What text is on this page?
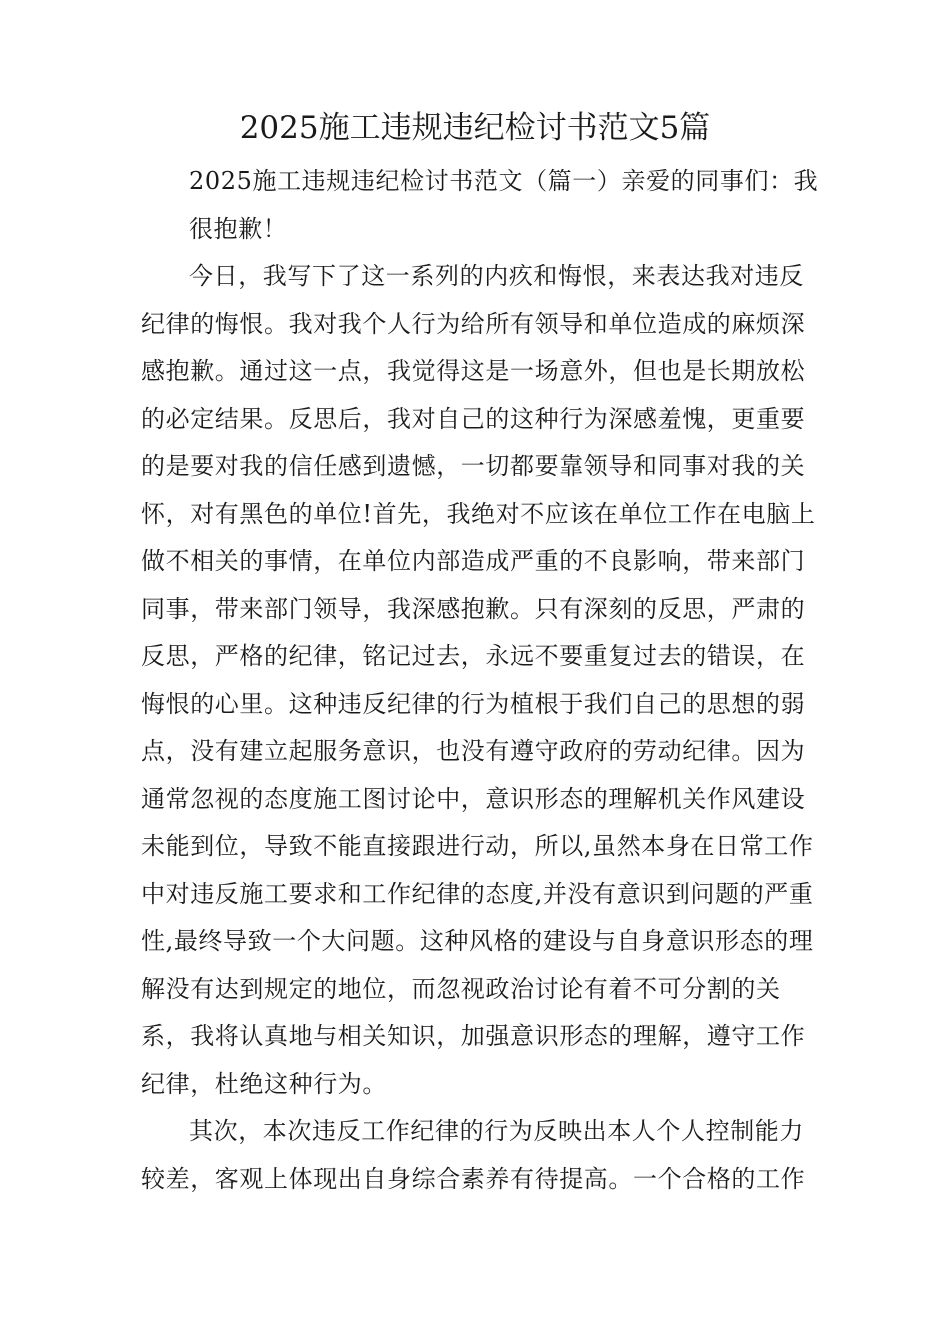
2025施工违规违纪检讨书范文5篇
2025施工违规违纪检讨书范文（篇一）亲爱的同事们：我
很抱歉！
今日，我写下了这一系列的内疚和悔恨，来表达我对违反
纪律的悔恨。我对我个人行为给所有领导和单位造成的麻烦深
感抱歉。通过这一点，我觉得这是一场意外，但也是长期放松
的必定结果。反思后，我对自己的这种行为深感羞愧，更重要
的是要对我的信任感到遗憾，一切都要靠领导和同事对我的关
怀，对有黑色的单位!首先，我绝对不应该在单位工作在电脑上
做不相关的事情，在单位内部造成严重的不良影响，带来部门
同事，带来部门领导，我深感抱歉。只有深刻的反思，严肃的
反思，严格的纪律，铭记过去，永远不要重复过去的错误，在
悔恨的心里。这种违反纪律的行为植根于我们自己的思想的弱
点，没有建立起服务意识，也没有遵守政府的劳动纪律。因为
通常忽视的态度施工图讨论中，意识形态的理解机关作风建设
未能到位，导致不能直接跟进行动，所以,虽然本身在日常工作
中对违反施工要求和工作纪律的态度,并没有意识到问题的严重
性,最终导致一个大问题。这种风格的建设与自身意识形态的理
解没有达到规定的地位，而忽视政治讨论有着不可分割的关
系，我将认真地与相关知识，加强意识形态的理解，遵守工作
纪律，杜绝这种行为。
其次，本次违反工作纪律的行为反映出本人个人控制能力
较差，客观上体现出自身综合素养有待提高。一个合格的工作
